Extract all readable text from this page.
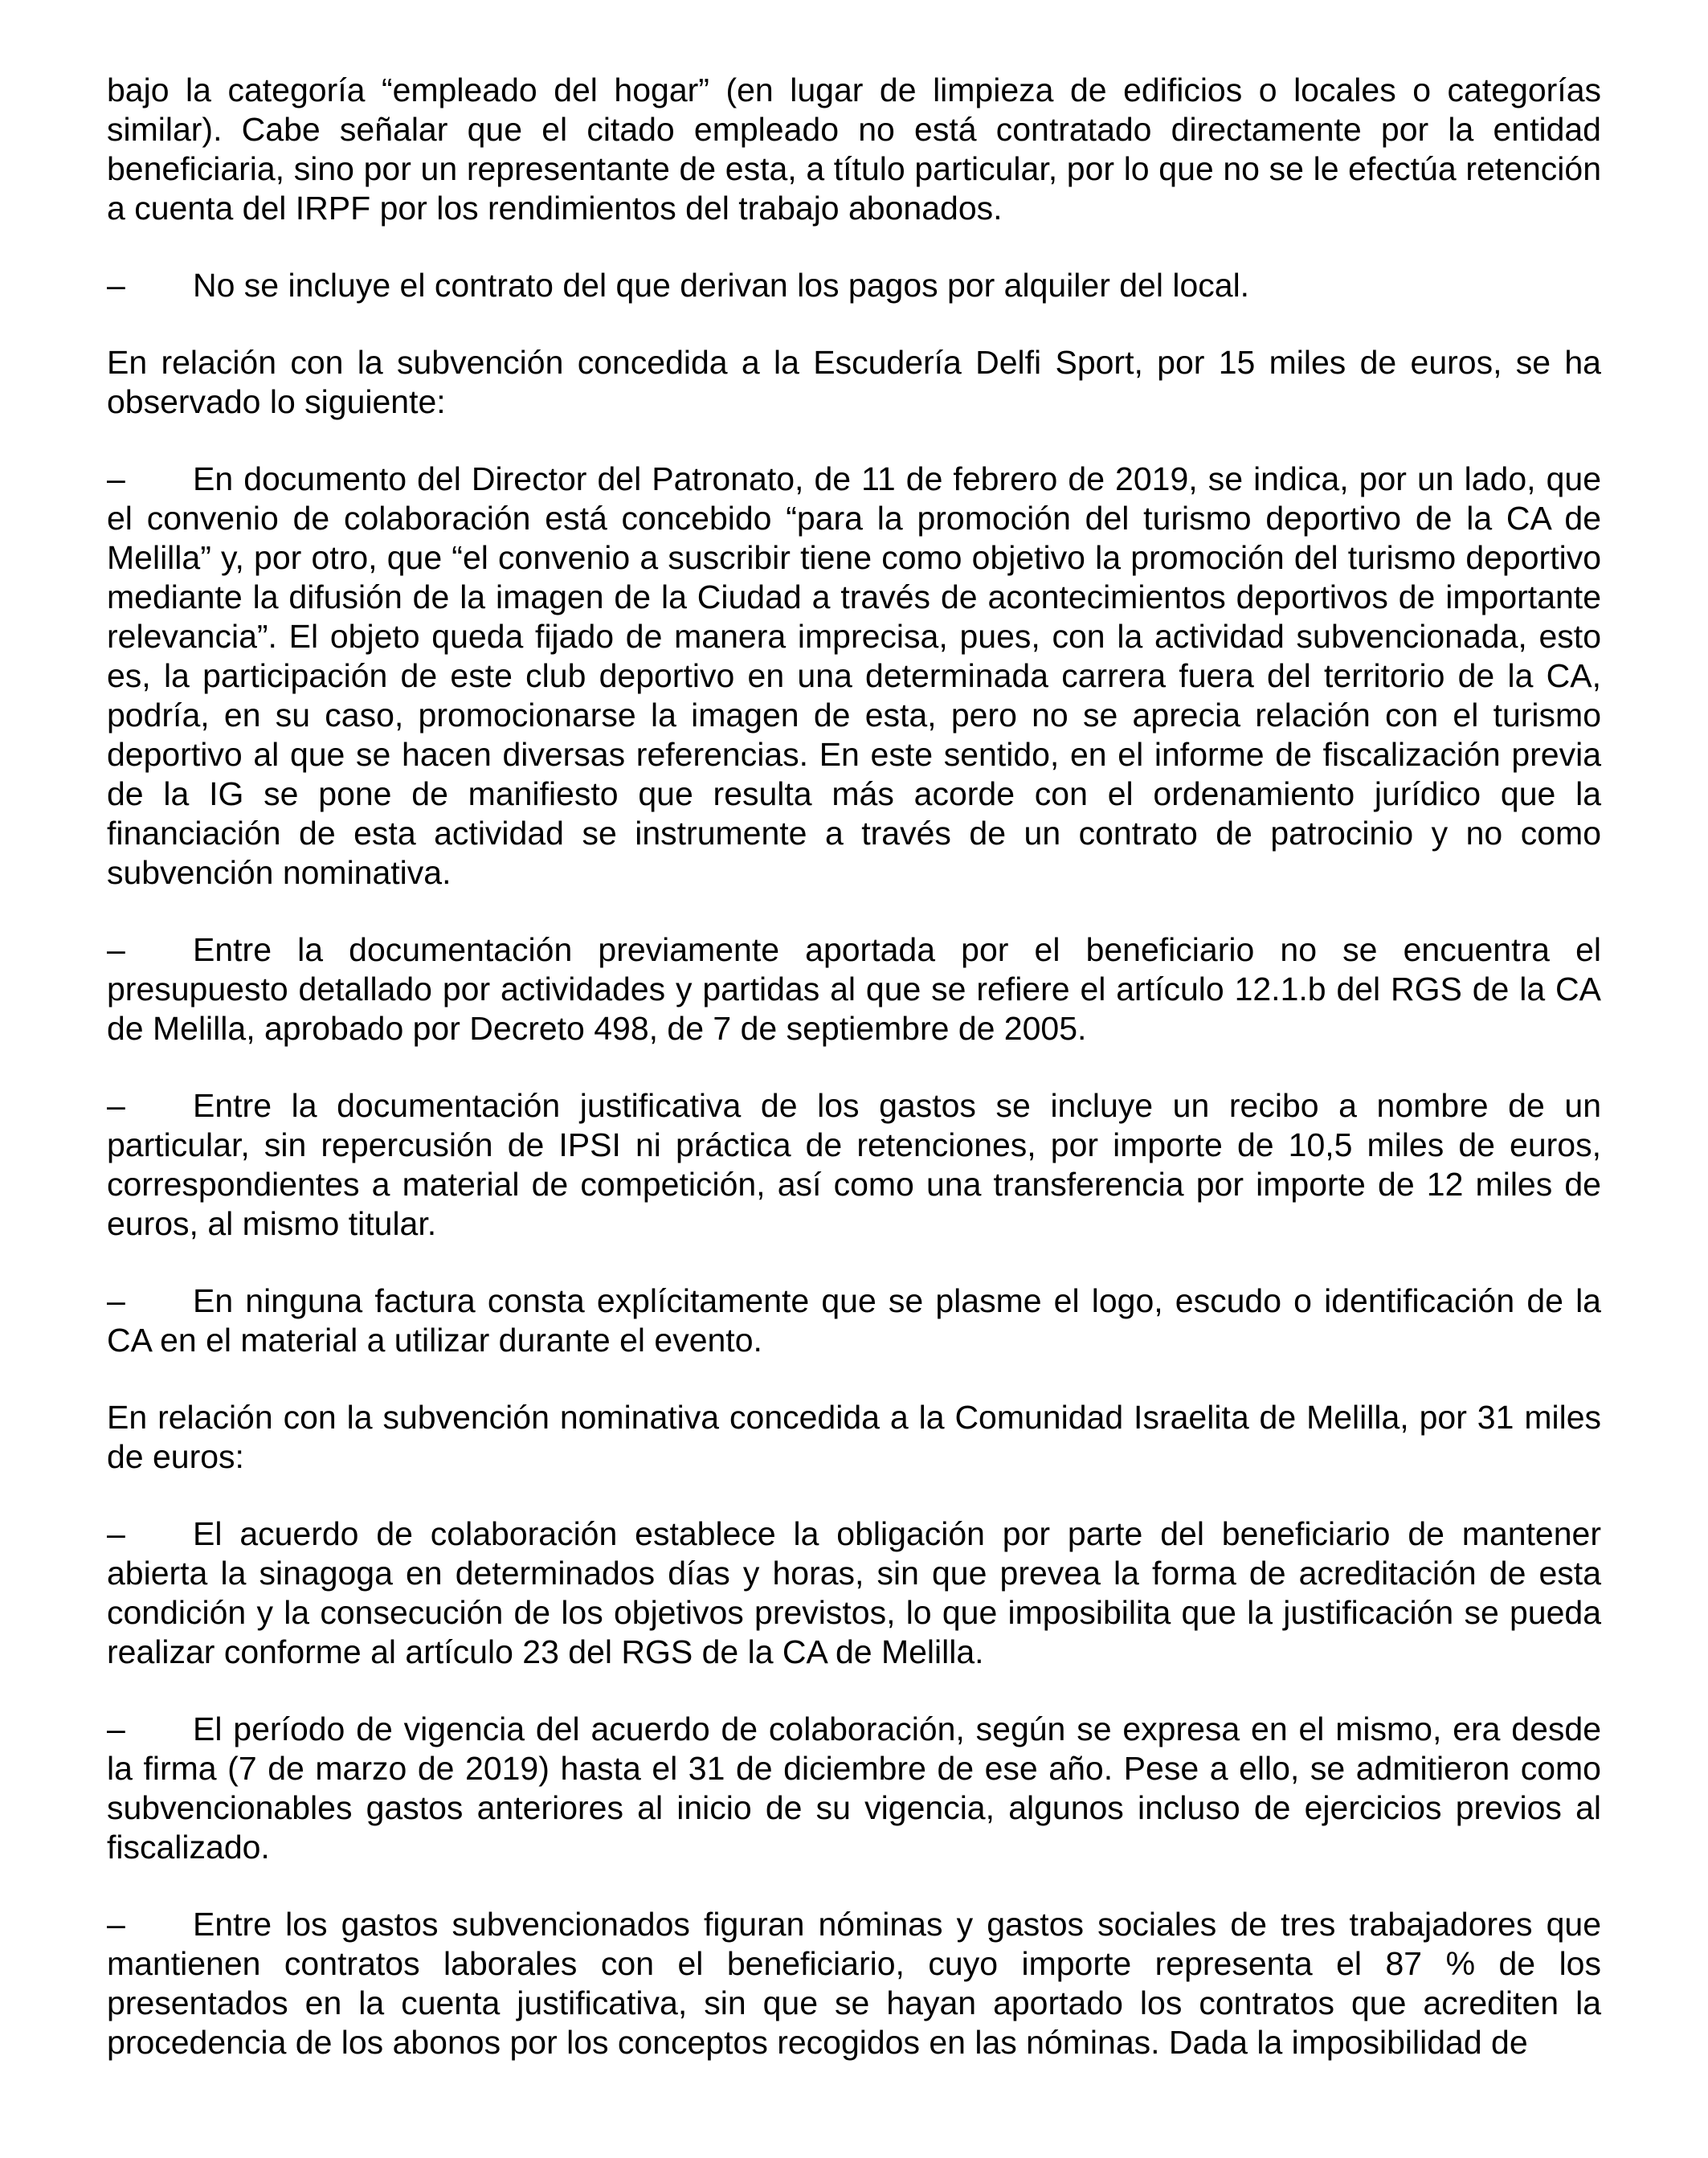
bajo la categoría “empleado del hogar” (en lugar de limpieza de edificios o locales o categorías similar). Cabe señalar que el citado empleado no está contratado directamente por la entidad beneficiaria, sino por un representante de esta, a título particular, por lo que no se le efectúa retención a cuenta del IRPF por los rendimientos del trabajo abonados.

– No se incluye el contrato del que derivan los pagos por alquiler del local.

En relación con la subvención concedida a la Escudería Delfi Sport, por 15 miles de euros, se ha observado lo siguiente:

– En documento del Director del Patronato, de 11 de febrero de 2019, se indica, por un lado, que el convenio de colaboración está concebido “para la promoción del turismo deportivo de la CA de Melilla” y, por otro, que “el convenio a suscribir tiene como objetivo la promoción del turismo deportivo mediante la difusión de la imagen de la Ciudad a través de acontecimientos deportivos de importante relevancia”. El objeto queda fijado de manera imprecisa, pues, con la actividad subvencionada, esto es, la participación de este club deportivo en una determinada carrera fuera del territorio de la CA, podría, en su caso, promocionarse la imagen de esta, pero no se aprecia relación con el turismo deportivo al que se hacen diversas referencias. En este sentido, en el informe de fiscalización previa de la IG se pone de manifiesto que resulta más acorde con el ordenamiento jurídico que la financiación de esta actividad se instrumente a través de un contrato de patrocinio y no como subvención nominativa.

– Entre la documentación previamente aportada por el beneficiario no se encuentra el presupuesto detallado por actividades y partidas al que se refiere el artículo 12.1.b del RGS de la CA de Melilla, aprobado por Decreto 498, de 7 de septiembre de 2005.

– Entre la documentación justificativa de los gastos se incluye un recibo a nombre de un particular, sin repercusión de IPSI ni práctica de retenciones, por importe de 10,5 miles de euros, correspondientes a material de competición, así como una transferencia por importe de 12 miles de euros, al mismo titular.

– En ninguna factura consta explícitamente que se plasme el logo, escudo o identificación de la CA en el material a utilizar durante el evento.

En relación con la subvención nominativa concedida a la Comunidad Israelita de Melilla, por 31 miles de euros:

– El acuerdo de colaboración establece la obligación por parte del beneficiario de mantener abierta la sinagoga en determinados días y horas, sin que prevea la forma de acreditación de esta condición y la consecución de los objetivos previstos, lo que imposibilita que la justificación se pueda realizar conforme al artículo 23 del RGS de la CA de Melilla.

– El período de vigencia del acuerdo de colaboración, según se expresa en el mismo, era desde la firma (7 de marzo de 2019) hasta el 31 de diciembre de ese año. Pese a ello, se admitieron como subvencionables gastos anteriores al inicio de su vigencia, algunos incluso de ejercicios previos al fiscalizado.

– Entre los gastos subvencionados figuran nóminas y gastos sociales de tres trabajadores que mantienen contratos laborales con el beneficiario, cuyo importe representa el 87 % de los presentados en la cuenta justificativa, sin que se hayan aportado los contratos que acrediten la procedencia de los abonos por los conceptos recogidos en las nóminas. Dada la imposibilidad de
